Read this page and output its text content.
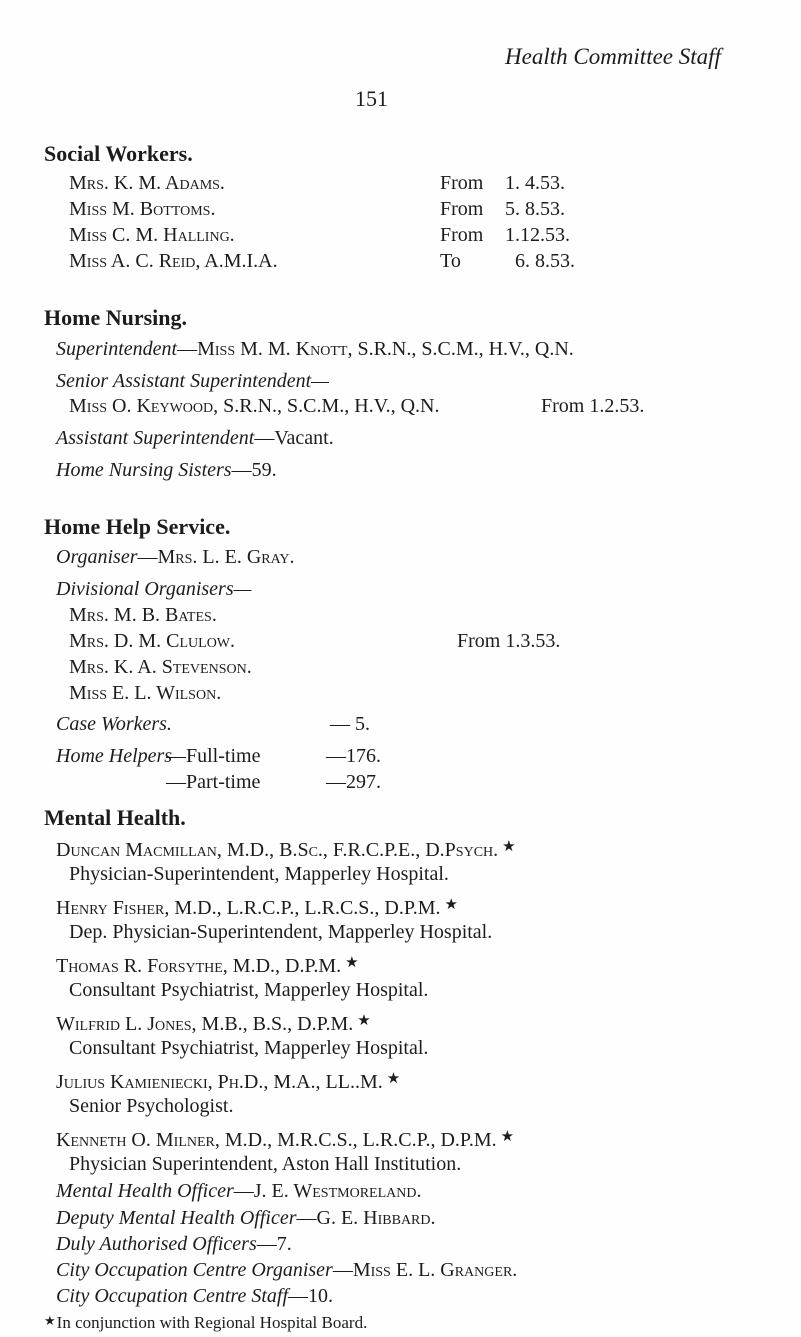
Health Committee Staff
151
Social Workers.
Mrs. K. M. Adams.	From 1. 4.53.
Miss M. Bottoms.	From 5. 8.53.
Miss C. M. Halling.	From 1.12.53.
Miss A. C. Reid, A.M.I.A.	To	6. 8.53.
Home Nursing.
Superintendent—Miss M. M. Knott, S.R.N., S.C.M., H.V., Q.N.
Senior Assistant Superintendent—
Miss O. Keywood, S.R.N., S.C.M., H.V., Q.N.	From 1.2.53.
Assistant Superintendent—Vacant.
Home Nursing Sisters—59.
Home Help Service.
Organiser—Mrs. L. E. Gray.
Divisional Organisers—
Mrs. M. B. Bates.
Mrs. D. M. Clulow.	From 1.3.53.
Mrs. K. A. Stevenson.
Miss E. L. Wilson.
Case Workers.	— 5.
Home Helpers
—Full-time	—176.
—Part-time	—297.
Mental Health.
Duncan Macmillan, M.D., B.Sc., F.R.C.P.E., D.Psych. ★
Physician-Superintendent, Mapperley Hospital.
Henry Fisher, M.D., L.R.C.P., L.R.C.S., D.P.M. ★
Dep. Physician-Superintendent, Mapperley Hospital.
Thomas R. Forsythe, M.D., D.P.M. ★
Consultant Psychiatrist, Mapperley Hospital.
Wilfrid L. Jones, M.B., B.S., D.P.M. ★
Consultant Psychiatrist, Mapperley Hospital.
Julius Kamieniecki, Ph.D., M.A., LL..M. ★
Senior Psychologist.
Kenneth O. Milner, M.D., M.R.C.S., L.R.C.P., D.P.M. ★
Physician Superintendent, Aston Hall Institution.
Mental Health Officer—J. E. Westmoreland.
Deputy Mental Health Officer—G. E. Hibbard.
Duly Authorised Officers—7.
City Occupation Centre Organiser—Miss E. L. Granger.
City Occupation Centre Staff—10.
★In conjunction with Regional Hospital Board.
